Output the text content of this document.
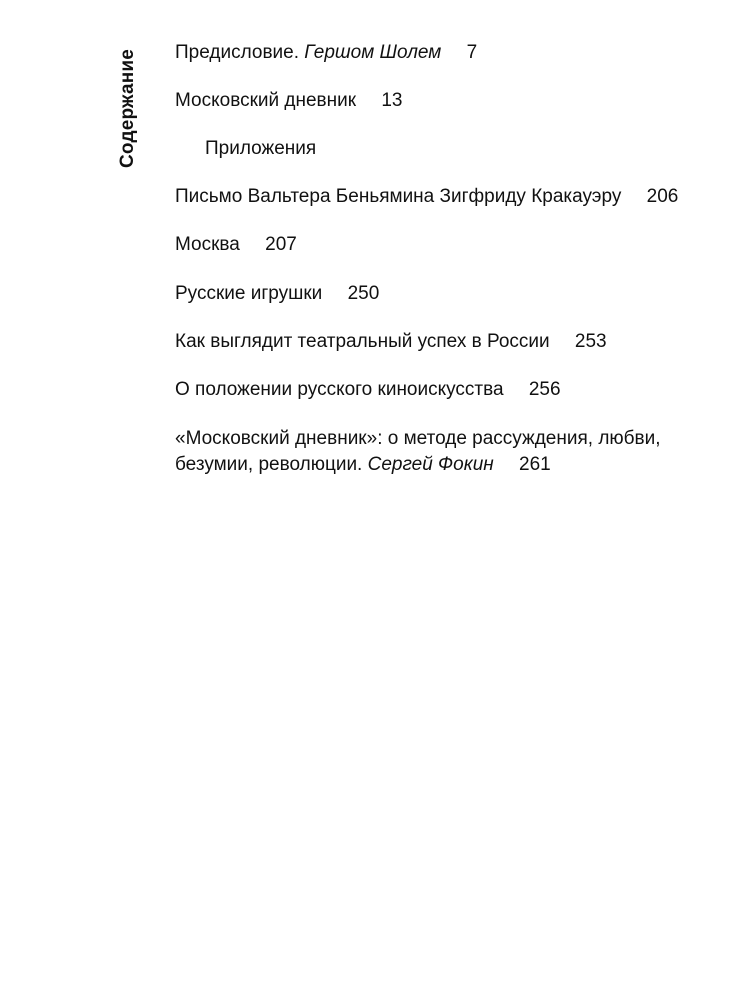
Содержание Предисловие. Гершом Шолем 7
Московский дневник 13
Приложения
Письмо Вальтера Беньямина Зигфриду Кракауэру 206
Москва 207
Русские игрушки 250
Как выглядит театральный успех в России 253
О положении русского киноискусства 256
«Московский дневник»: о методе рассуждения, любви,
безумии, революции. Сергей Фокин 261
